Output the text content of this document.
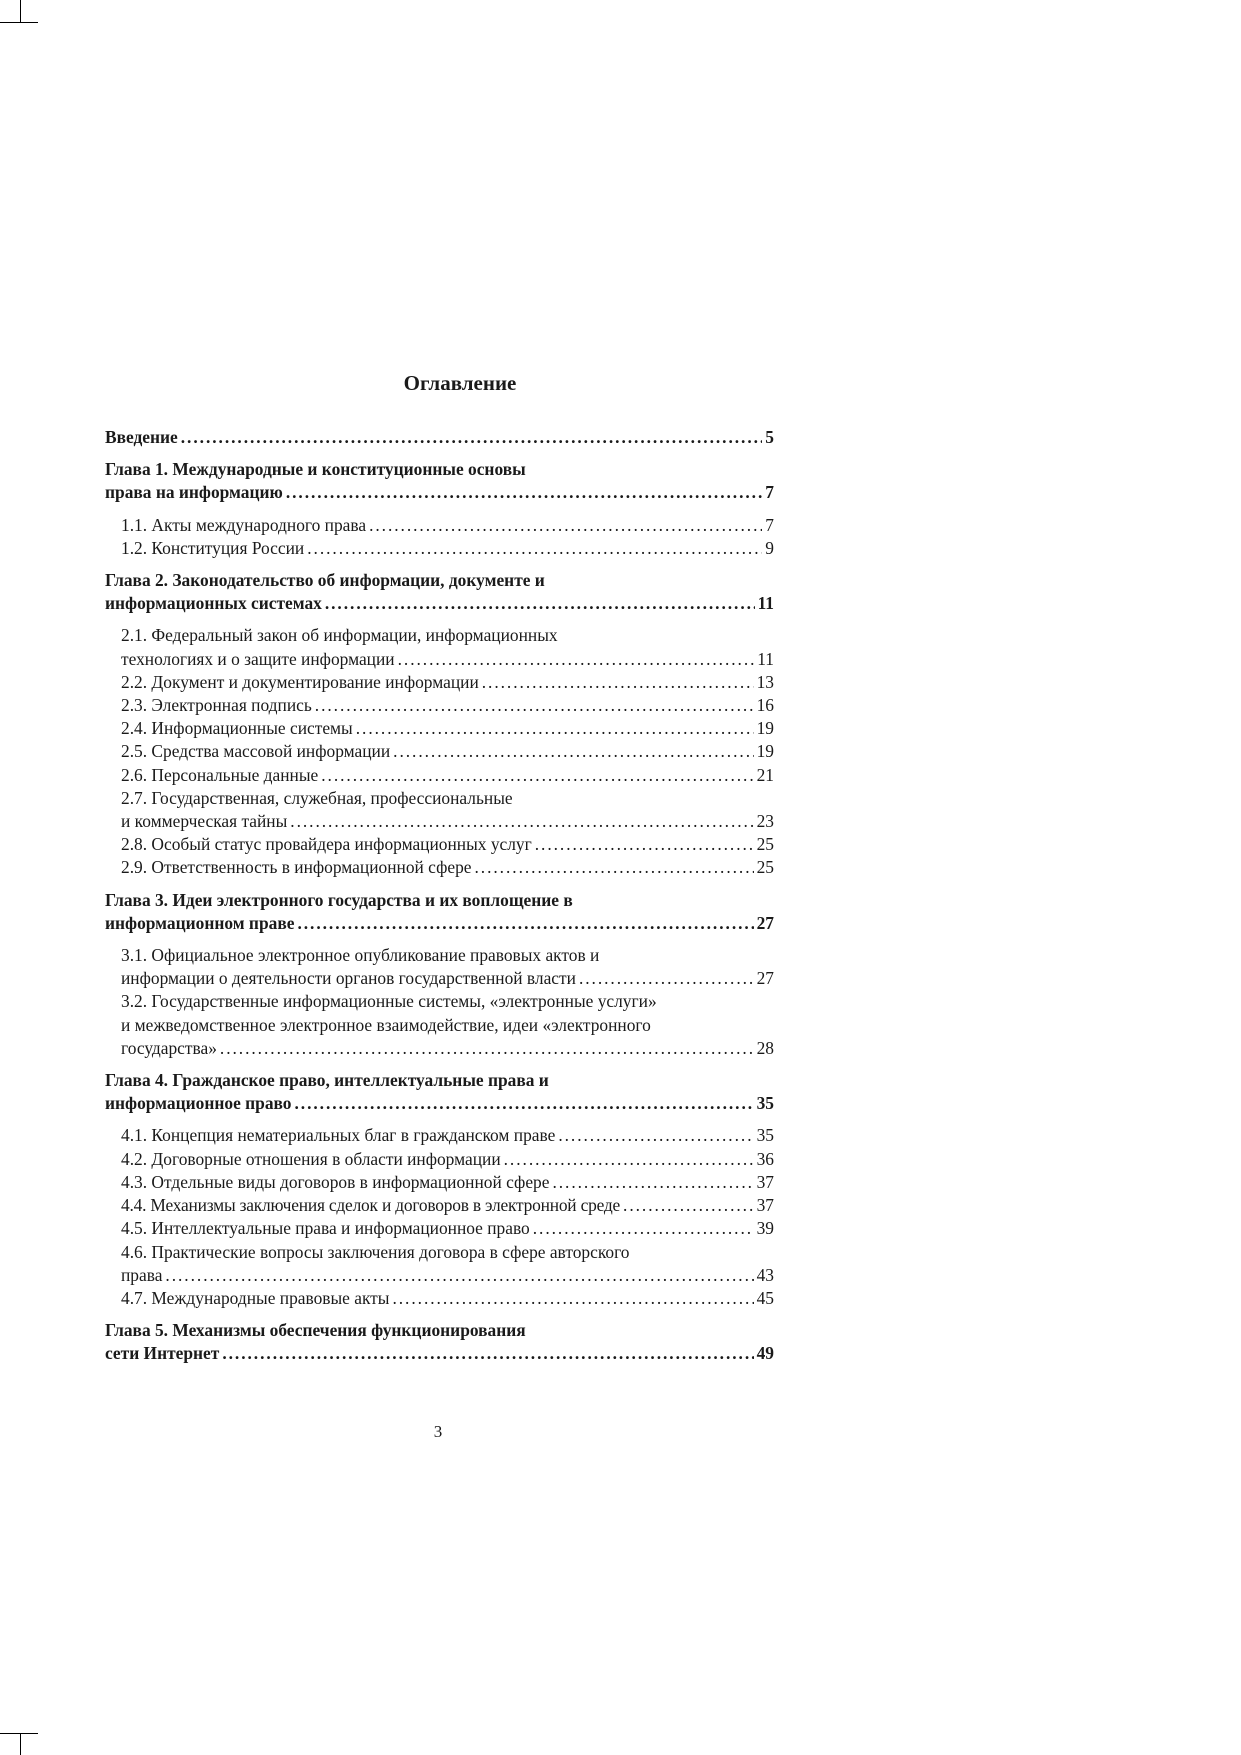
Оглавление
Введение . . .	5
Глава 1. Международные и конституционные основы
права на информацию . . .	7
1.1. Акты международного права . . .	7
1.2. Конституция России . . .	9
Глава 2. Законодательство об информации, документе и
информационных системах . . .	11
2.1. Федеральный закон об информации, информационных
технологиях и о защите информации . . .	11
2.2. Документ и документирование информации . . .	13
2.3. Электронная подпись . . .	16
2.4. Информационные системы . . .	19
2.5. Средства массовой информации . . .	19
2.6. Персональные данные . . .	21
2.7. Государственная, служебная, профессиональные
и коммерческая тайны . . .	23
2.8. Особый статус провайдера информационных услуг . . .	25
2.9. Ответственность в информационной сфере . . .	25
Глава 3. Идеи электронного государства и их воплощение в
информационном праве . . .	27
3.1. Официальное электронное опубликование правовых актов и
информации о деятельности органов государственной власти . . .	27
3.2. Государственные информационные системы, «электронные услуги»
и межведомственное электронное взаимодействие, идеи «электронного
государства» . . .	28
Глава 4. Гражданское право, интеллектуальные права и
информационное право . . .	35
4.1. Концепция нематериальных благ в гражданском праве . . .	35
4.2. Договорные отношения в области информации . . .	36
4.3. Отдельные виды договоров в информационной сфере . . .	37
4.4. Механизмы заключения сделок и договоров в электронной среде . . .	37
4.5. Интеллектуальные права и информационное право . . .	39
4.6. Практические вопросы заключения договора в сфере авторского
права . . .	43
4.7. Международные правовые акты . . .	45
Глава 5. Механизмы обеспечения функционирования
сети Интернет . . .	49
3
